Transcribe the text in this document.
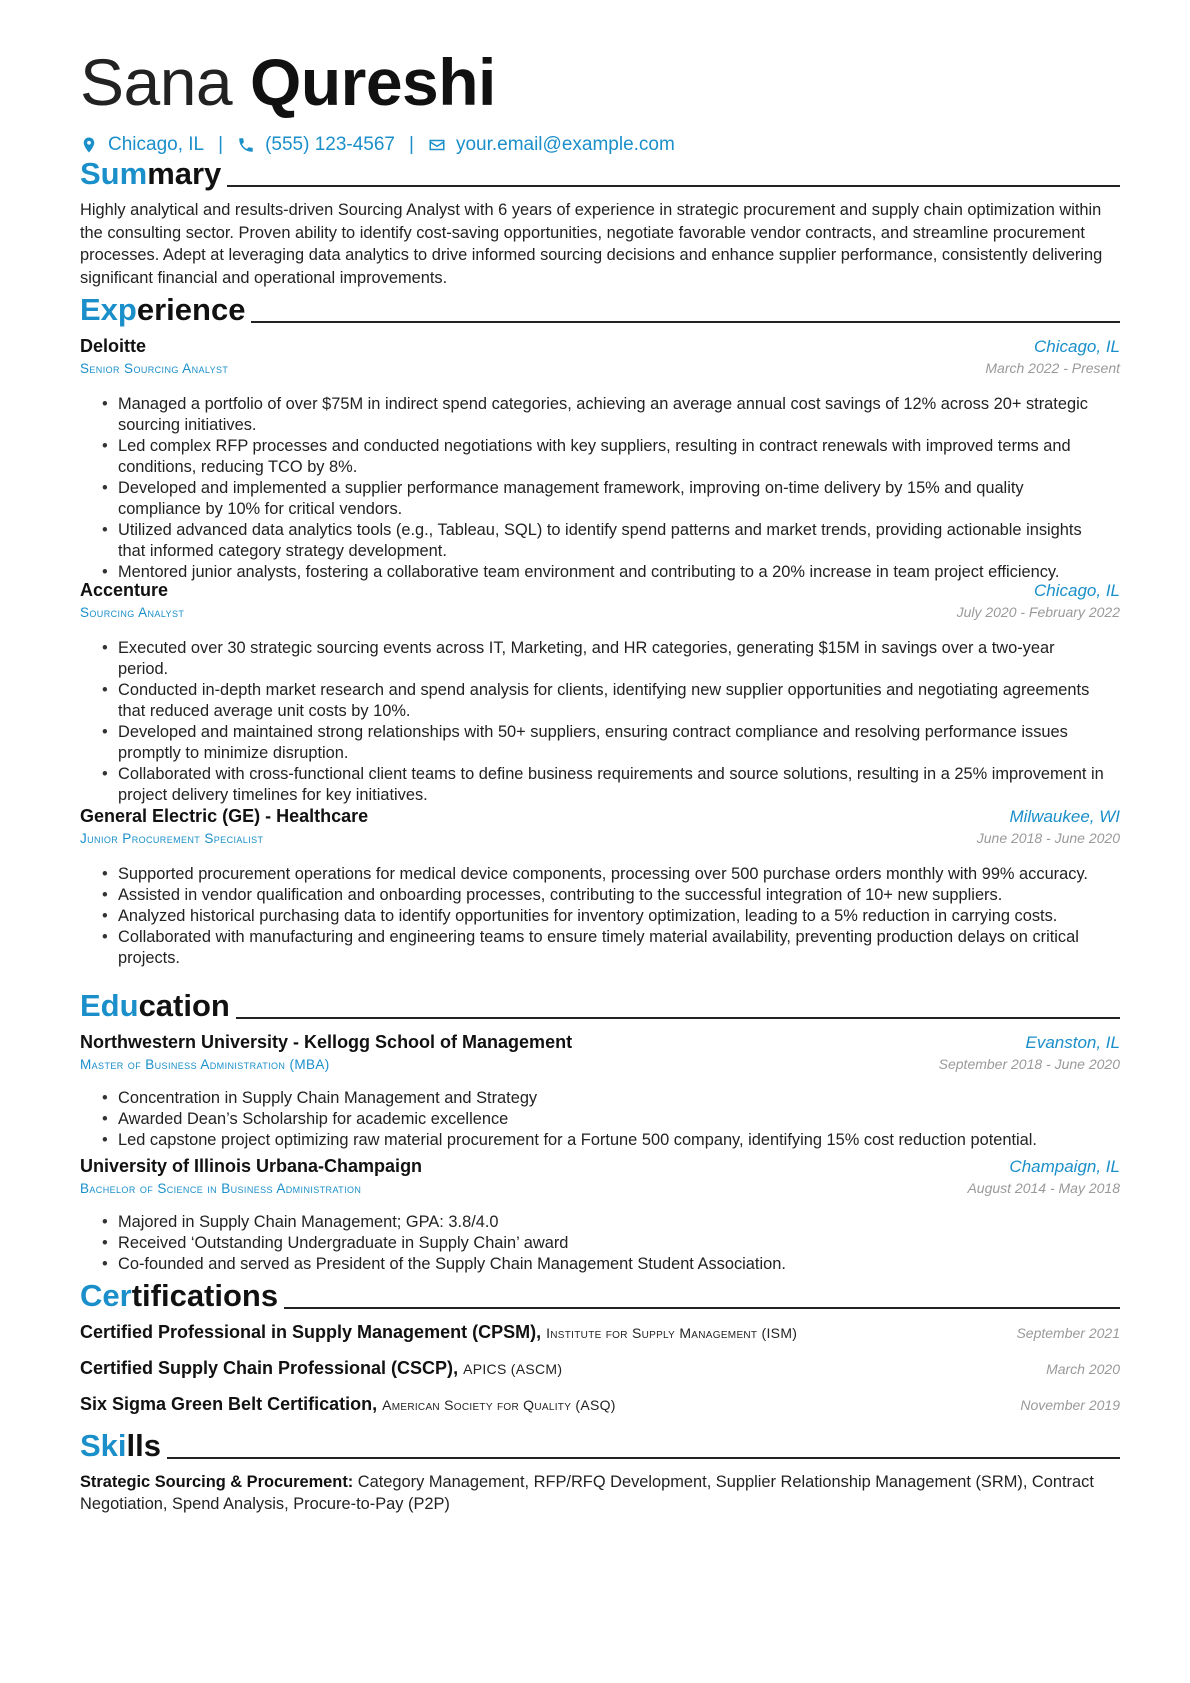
Sana Qureshi
Chicago, IL | (555) 123-4567 | your.email@example.com
Summary
Highly analytical and results-driven Sourcing Analyst with 6 years of experience in strategic procurement and supply chain optimization within the consulting sector. Proven ability to identify cost-saving opportunities, negotiate favorable vendor contracts, and streamline procurement processes. Adept at leveraging data analytics to drive informed sourcing decisions and enhance supplier performance, consistently delivering significant financial and operational improvements.
Experience
Deloitte	Chicago, IL
Senior Sourcing Analyst	March 2022 - Present
• Managed a portfolio of over $75M in indirect spend categories, achieving an average annual cost savings of 12% across 20+ strategic sourcing initiatives.
• Led complex RFP processes and conducted negotiations with key suppliers, resulting in contract renewals with improved terms and conditions, reducing TCO by 8%.
• Developed and implemented a supplier performance management framework, improving on-time delivery by 15% and quality compliance by 10% for critical vendors.
• Utilized advanced data analytics tools (e.g., Tableau, SQL) to identify spend patterns and market trends, providing actionable insights that informed category strategy development.
• Mentored junior analysts, fostering a collaborative team environment and contributing to a 20% increase in team project efficiency.
Accenture	Chicago, IL
Sourcing Analyst	July 2020 - February 2022
• Executed over 30 strategic sourcing events across IT, Marketing, and HR categories, generating $15M in savings over a two-year period.
• Conducted in-depth market research and spend analysis for clients, identifying new supplier opportunities and negotiating agreements that reduced average unit costs by 10%.
• Developed and maintained strong relationships with 50+ suppliers, ensuring contract compliance and resolving performance issues promptly to minimize disruption.
• Collaborated with cross-functional client teams to define business requirements and source solutions, resulting in a 25% improvement in project delivery timelines for key initiatives.
General Electric (GE) - Healthcare	Milwaukee, WI
Junior Procurement Specialist	June 2018 - June 2020
• Supported procurement operations for medical device components, processing over 500 purchase orders monthly with 99% accuracy.
• Assisted in vendor qualification and onboarding processes, contributing to the successful integration of 10+ new suppliers.
• Analyzed historical purchasing data to identify opportunities for inventory optimization, leading to a 5% reduction in carrying costs.
• Collaborated with manufacturing and engineering teams to ensure timely material availability, preventing production delays on critical projects.
Education
Northwestern University - Kellogg School of Management	Evanston, IL
Master of Business Administration (MBA)	September 2018 - June 2020
• Concentration in Supply Chain Management and Strategy
• Awarded Dean’s Scholarship for academic excellence
• Led capstone project optimizing raw material procurement for a Fortune 500 company, identifying 15% cost reduction potential.
University of Illinois Urbana-Champaign	Champaign, IL
Bachelor of Science in Business Administration	August 2014 - May 2018
• Majored in Supply Chain Management; GPA: 3.8/4.0
• Received ‘Outstanding Undergraduate in Supply Chain’ award
• Co-founded and served as President of the Supply Chain Management Student Association.
Certifications
Certified Professional in Supply Management (CPSM), Institute for Supply Management (ISM)	September 2021
Certified Supply Chain Professional (CSCP), APICS (ASCM)	March 2020
Six Sigma Green Belt Certification, American Society for Quality (ASQ)	November 2019
Skills
Strategic Sourcing & Procurement: Category Management, RFP/RFQ Development, Supplier Relationship Management (SRM), Contract Negotiation, Spend Analysis, Procure-to-Pay (P2P)
